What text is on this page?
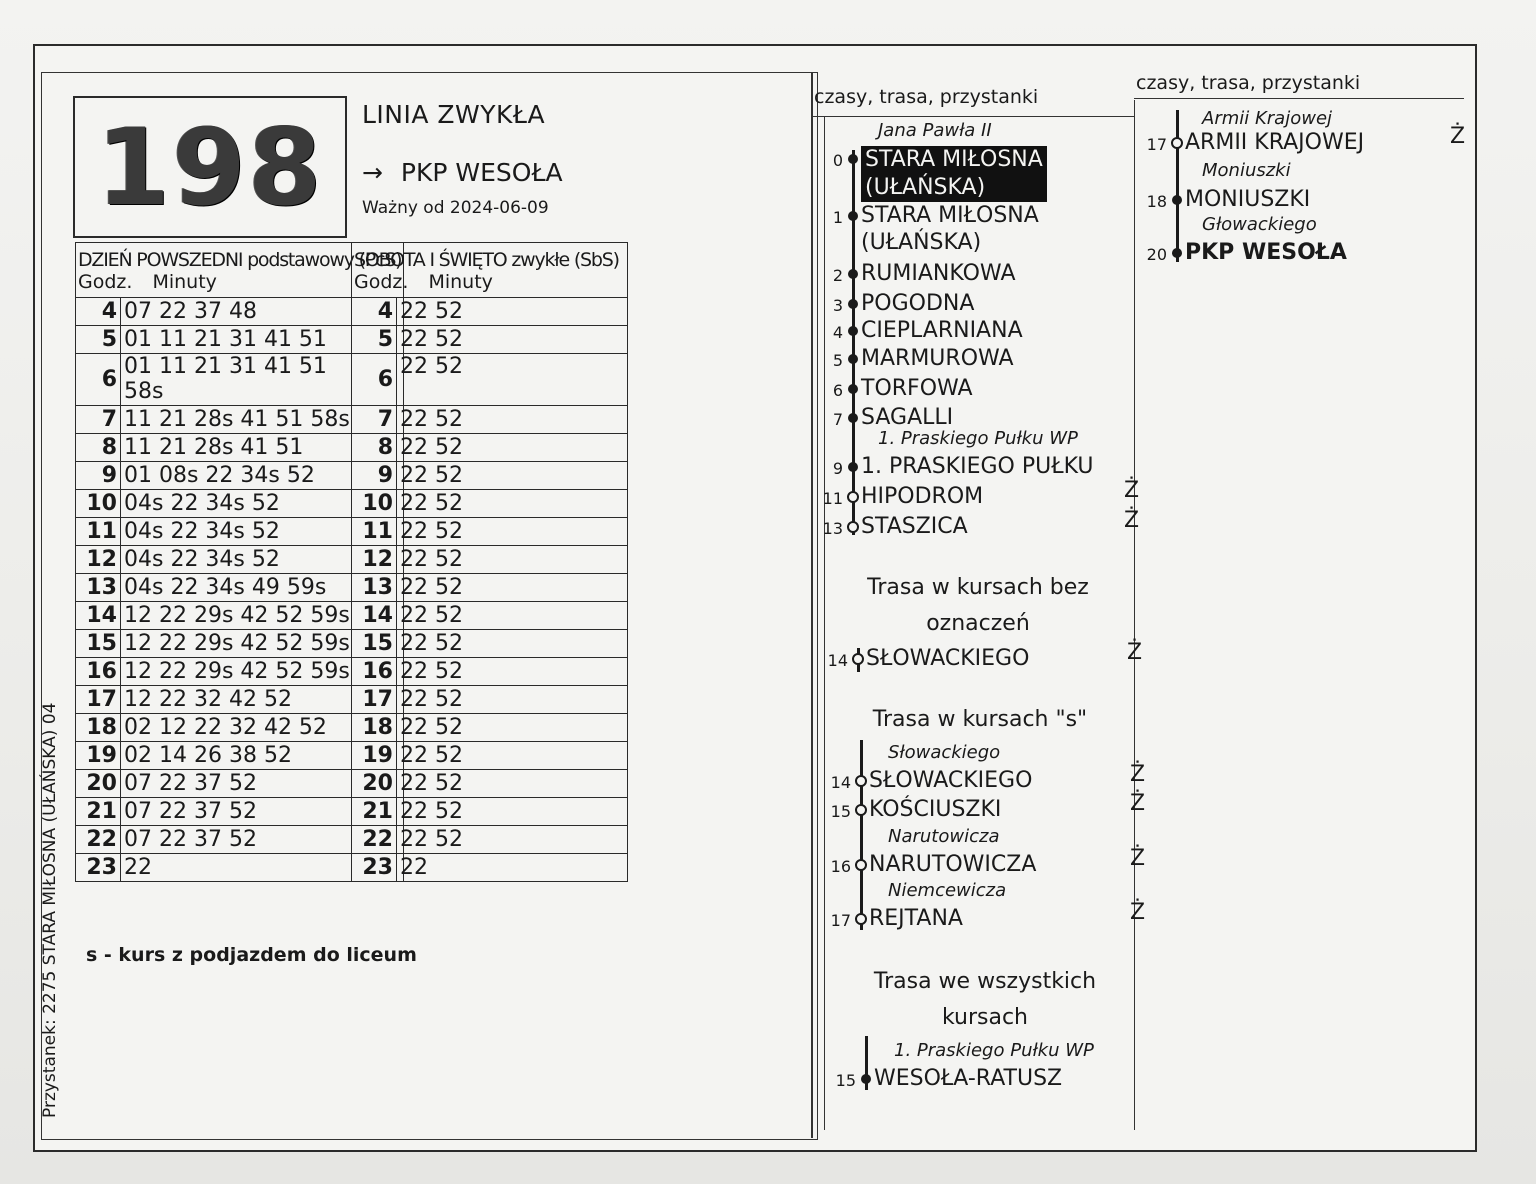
198 LINIA ZWYKŁA
→ PKP WESOŁA
Ważny od 2024-06-09
DZIEŃ POWSZEDNI podstawowy (PcS)	
Godz. Minuty	
4	07 22 37 48

5	01 11 21 31 41 51

6	01 11 21 31 41 51
58s

7	11 21 28s 41 51 58s

8	11 21 28s 41 51

9	01 08s 22 34s 52

10	04s 22 34s 52

11	04s 22 34s 52

12	04s 22 34s 52

13	04s 22 34s 49 59s

14	12 22 29s 42 52 59s

15	12 22 29s 42 52 59s

16	12 22 29s 42 52 59s

17	12 22 32 42 52

18	02 12 22 32 42 52

19	02 14 26 38 52

20	07 22 37 52

21	07 22 37 52

22	07 22 37 52

23	22
SOBOTA I ŚWIĘTO zwykłe (SbS)	
Godz. Minuty	
4	22 52

5	22 52

6	22 52

7	22 52

8	22 52

9	22 52

10	22 52

11	22 52

12	22 52

13	22 52

14	22 52

15	22 52

16	22 52

17	22 52

18	22 52

19	22 52

20	22 52

21	22 52

22	22 52

23	22
s - kurs z podjazdem do liceum
Przystanek: 2275 STARA MIŁOSNA (UŁAŃSKA) 04
czasy, trasa, przystanki
czasy, trasa, przystanki
Jana Pawła II
0 STARA MIŁOSNA
(UŁAŃSKA)
1 STARA MIŁOSNA
(UŁAŃSKA)
2 RUMIANKOWA
3 POGODNA
4 CIEPLARNIANA
5 MARMUROWA
6 TORFOWA
7 SAGALLI
1. Praskiego Pułku WP
9 1. PRASKIEGO PUŁKU
11 HIPODROM	Ż
13 STASZICA	Ż
Trasa w kursach bez oznaczeń
14 SŁOWACKIEGO	Ż
Trasa w kursach "s"
Słowackiego
14 SŁOWACKIEGO	Ż
15 KOŚCIUSZKI	Ż
Narutowicza
16 NARUTOWICZA	Ż
Niemcewicza
17 REJTANA	Ż
Trasa we wszystkich kursach
1. Praskiego Pułku WP
15 WESOŁA-RATUSZ
Armii Krajowej
17 ARMII KRAJOWEJ	Ż
Moniuszki
18 MONIUSZKI
Głowackiego
20 PKP WESOŁA
